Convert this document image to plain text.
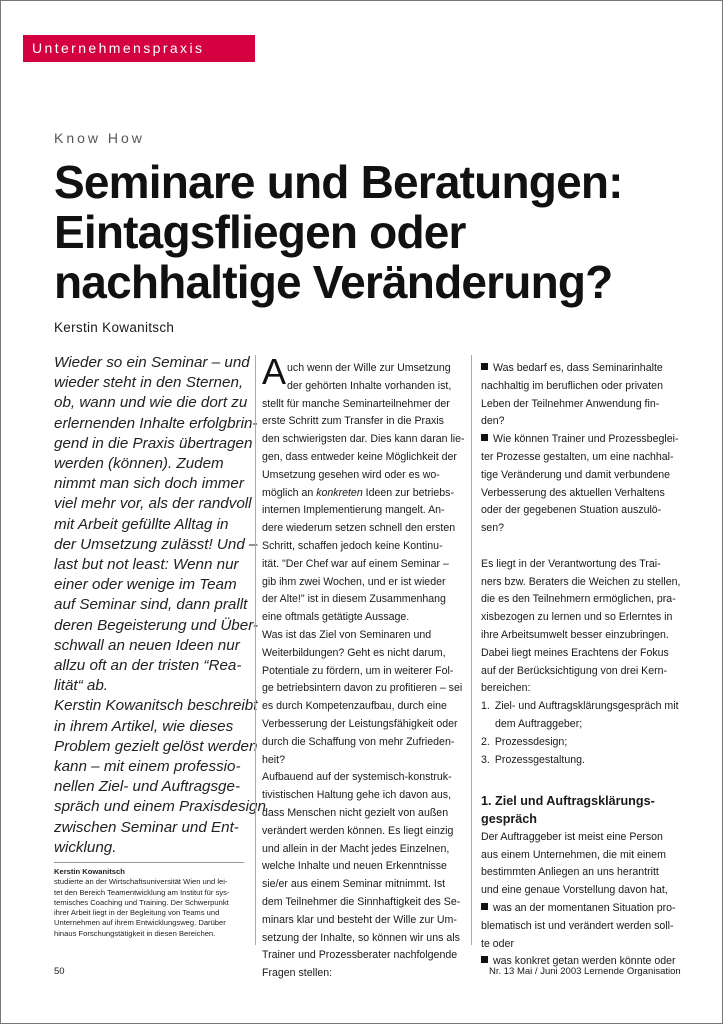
Unternehmenspraxis
Know How
Seminare und Beratungen:
Eintagsfliegen oder
nachhaltige Veränderung?
Kerstin Kowanitsch
Wieder so ein Seminar – und
wieder steht in den Sternen,
ob, wann und wie die dort zu
erlernenden Inhalte erfolgbrin-
gend in die Praxis übertragen
werden (können). Zudem
nimmt man sich doch immer
viel mehr vor, als der randvoll
mit Arbeit gefüllte Alltag in
der Umsetzung zulässt! Und –
last but not least: Wenn nur
einer oder wenige im Team
auf Seminar sind, dann prallt
deren Begeisterung und Über-
schwall an neuen Ideen nur
allzu oft an der tristen “Rea-
lität“ ab.
Kerstin Kowanitsch beschreibt
in ihrem Artikel, wie dieses
Problem gezielt gelöst werden
kann – mit einem professio-
nellen Ziel- und Auftragsge-
spräch und einem Praxisdesign
zwischen Seminar und Ent-
wicklung.
Kerstin Kowanitsch
studierte an der Wirtschaftsuniversität Wien und lei-
tet den Bereich Teamentwicklung am Institut für sys-
temisches Coaching und Training. Der Schwerpunkt
ihrer Arbeit liegt in der Begleitung von Teams und
Unternehmen auf ihrem Entwicklungsweg. Darüber
hinaus Forschungstätigkeit in diesen Bereichen.
A uch wenn der Wille zur Umsetzung
der gehörten Inhalte vorhanden ist,
stellt für manche Seminarteilnehmer der
erste Schritt zum Transfer in die Praxis
den schwierigsten dar. Dies kann daran lie-
gen, dass entweder keine Möglichkeit der
Umsetzung gesehen wird oder es wo-
möglich an konkreten Ideen zur betriebs-
internen Implementierung mangelt. An-
dere wiederum setzen schnell den ersten
Schritt, schaffen jedoch keine Kontinu-
ität. "Der Chef war auf einem Seminar –
gib ihm zwei Wochen, und er ist wieder
der Alte!" ist in diesem Zusammenhang
eine oftmals getätigte Aussage.
Was ist das Ziel von Seminaren und
Weiterbildungen? Geht es nicht darum,
Potentiale zu fördern, um in weiterer Fol-
ge betriebsintern davon zu profitieren – sei
es durch Kompetenzaufbau, durch eine
Verbesserung der Leistungsfähigkeit oder
durch die Schaffung von mehr Zufrieden-
heit?
Aufbauend auf der systemisch-konstruk-
tivistischen Haltung gehe ich davon aus,
dass Menschen nicht gezielt von außen
verändert werden können. Es liegt einzig
und allein in der Macht jedes Einzelnen,
welche Inhalte und neuen Erkenntnisse
sie/er aus einem Seminar mitnimmt. Ist
dem Teilnehmer die Sinnhaftigkeit des Se-
minars klar und besteht der Wille zur Um-
setzung der Inhalte, so können wir uns als
Trainer und Prozessberater nachfolgende
Fragen stellen:
Was bedarf es, dass Seminarinhalte
nachhaltig im beruflichen oder privaten
Leben der Teilnehmer Anwendung fin-
den?
Wie können Trainer und Prozessbeglei-
ter Prozesse gestalten, um eine nachhal-
tige Veränderung und damit verbundene
Verbesserung des aktuellen Verhaltens
oder der gegebenen Stuation auszulö-
sen?
Es liegt in der Verantwortung des Trai-
ners bzw. Beraters die Weichen zu stellen,
die es den Teilnehmern ermöglichen, pra-
xisbezogen zu lernen und so Erlerntes in
ihre Arbeitsumwelt besser einzubringen.
Dabei liegt meines Erachtens der Fokus
auf der Berücksichtigung von drei Kern-
bereichen:
1. Ziel- und Auftragsklärungsgespräch mit
dem Auftraggeber;
2. Prozessdesign;
3. Prozessgestaltung.
1. Ziel und Auftragsklärungs-
gespräch
Der Auftraggeber ist meist eine Person
aus einem Unternehmen, die mit einem
bestimmten Anliegen an uns herantritt
und eine genaue Vorstellung davon hat,
was an der momentanen Situation pro-
blematisch ist und verändert werden soll-
te oder
was konkret getan werden könnte oder
50	Nr. 13 Mai / Juni 2003 Lernende Organisation
